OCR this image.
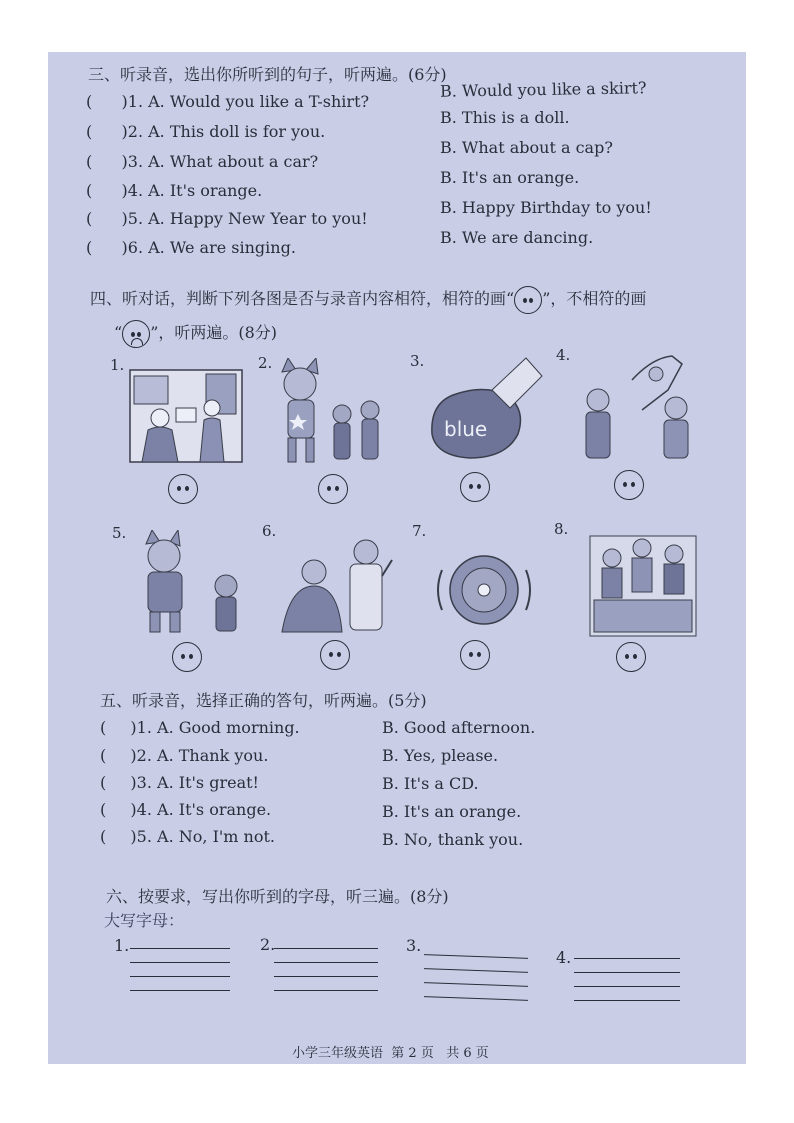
三、听录音，选出你所听到的句子，听两遍。(6分)
( )1. A. Would you like a T-shirt?
B. Would you like a skirt?
( )2. A. This doll is for you.
B. This is a doll.
( )3. A. What about a car?
B. What about a cap?
( )4. A. It's orange.
B. It's an orange.
( )5. A. Happy New Year to you!
B. Happy Birthday to you!
( )6. A. We are singing.
B. We are dancing.
四、听对话，判断下列各图是否与录音内容相符，相符的画“ ”，不相符的画
“ ”，听两遍。(8分)
1.	2.	3.
blue
4.
5.	6.	7.	8.
五、听录音，选择正确的答句，听两遍。(5分)
( )1. A. Good morning.	B. Good afternoon.
( )2. A. Thank you.	B. Yes, please.
( )3. A. It's great!	B. It's a CD.
( )4. A. It's orange.	B. It's an orange.
( )5. A. No, I'm not.	B. No, thank you.
六、按要求，写出你听到的字母，听三遍。(8分)
大写字母：
1.	2.	3.
4.
小学三年级英语 第 2 页 共 6 页
